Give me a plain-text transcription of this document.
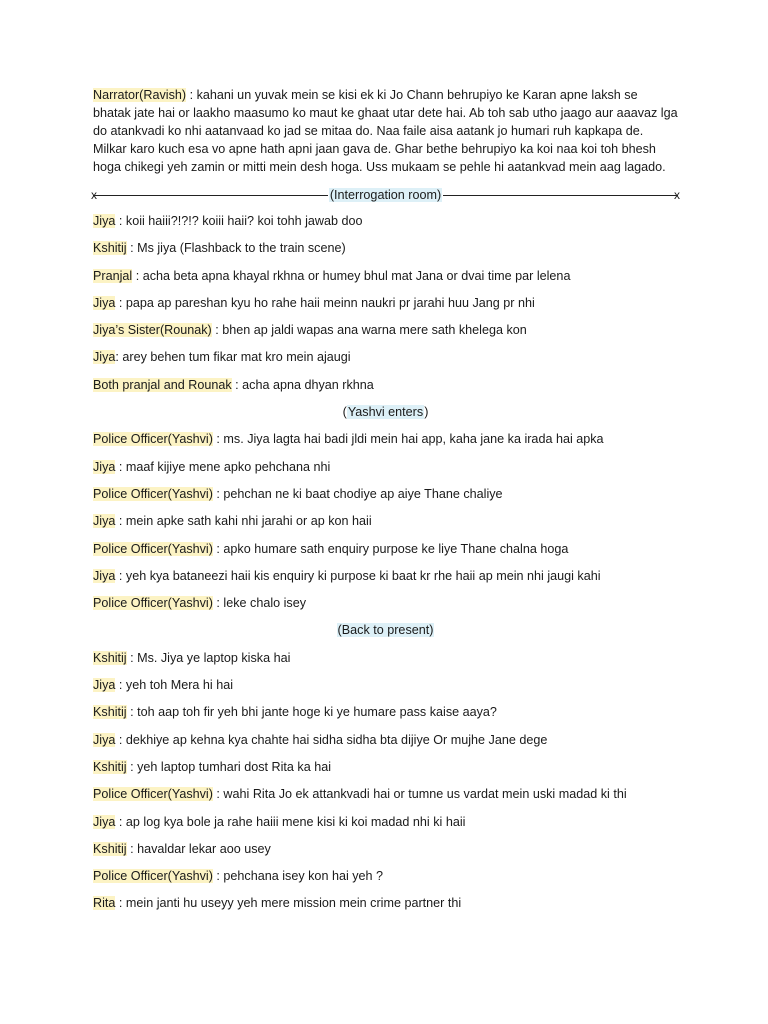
Narrator(Ravish) : kahani un yuvak mein se kisi ek ki Jo Chann behrupiyo ke Karan apne laksh se bhatak jate hai or laakho maasumo ko maut ke ghaat utar dete hai. Ab toh sab utho jaago aur aaavaz lga do atankvadi ko nhi aatanvaad ko jad se mitaa do. Naa faile aisa aatank jo humari ruh kapkapa de. Milkar karo kuch esa vo apne hath apni jaan gava de. Ghar bethe behrupiyo ka koi naa koi toh bhesh hoga chikegi yeh zamin or mitti mein desh hoga. Uss mukaam se pehle hi aatankvad mein aag lagado.

x	x
(Interrogation room)

Jiya : koii haiii?!?!? koiii haii? koi tohh jawab doo

Kshitij : Ms jiya (Flashback to the train scene)

Pranjal : acha beta apna khayal rkhna or humey bhul mat Jana or dvai time par lelena

Jiya : papa ap pareshan kyu ho rahe haii meinn naukri pr jarahi huu Jang pr nhi

Jiya’s Sister(Rounak) : bhen ap jaldi wapas ana warna mere sath khelega kon

Jiya: arey behen tum fikar mat kro mein ajaugi

Both pranjal and Rounak : acha apna dhyan rkhna

(Yashvi enters)

Police Officer(Yashvi) : ms. Jiya lagta hai badi jldi mein hai app, kaha jane ka irada hai apka

Jiya : maaf kijiye mene apko pehchana nhi

Police Officer(Yashvi) : pehchan ne ki baat chodiye ap aiye Thane chaliye

Jiya : mein apke sath kahi nhi jarahi or ap kon haii

Police Officer(Yashvi) : apko humare sath enquiry purpose ke liye Thane chalna hoga

Jiya : yeh kya bataneezi haii kis enquiry ki purpose ki baat kr rhe haii ap mein nhi jaugi kahi

Police Officer(Yashvi) : leke chalo isey

(Back to present)

Kshitij : Ms. Jiya ye laptop kiska hai

Jiya : yeh toh Mera hi hai

Kshitij : toh aap toh fir yeh bhi jante hoge ki ye humare pass kaise aaya?

Jiya : dekhiye ap kehna kya chahte hai sidha sidha bta dijiye Or mujhe Jane dege

Kshitij : yeh laptop tumhari dost Rita ka hai

Police Officer(Yashvi) : wahi Rita Jo ek attankvadi hai or tumne us vardat mein uski madad ki thi

Jiya : ap log kya bole ja rahe haiii mene kisi ki koi madad nhi ki haii

Kshitij : havaldar lekar aoo usey

Police Officer(Yashvi) : pehchana isey kon hai yeh ?

Rita : mein janti hu useyy yeh mere mission mein crime partner thi
